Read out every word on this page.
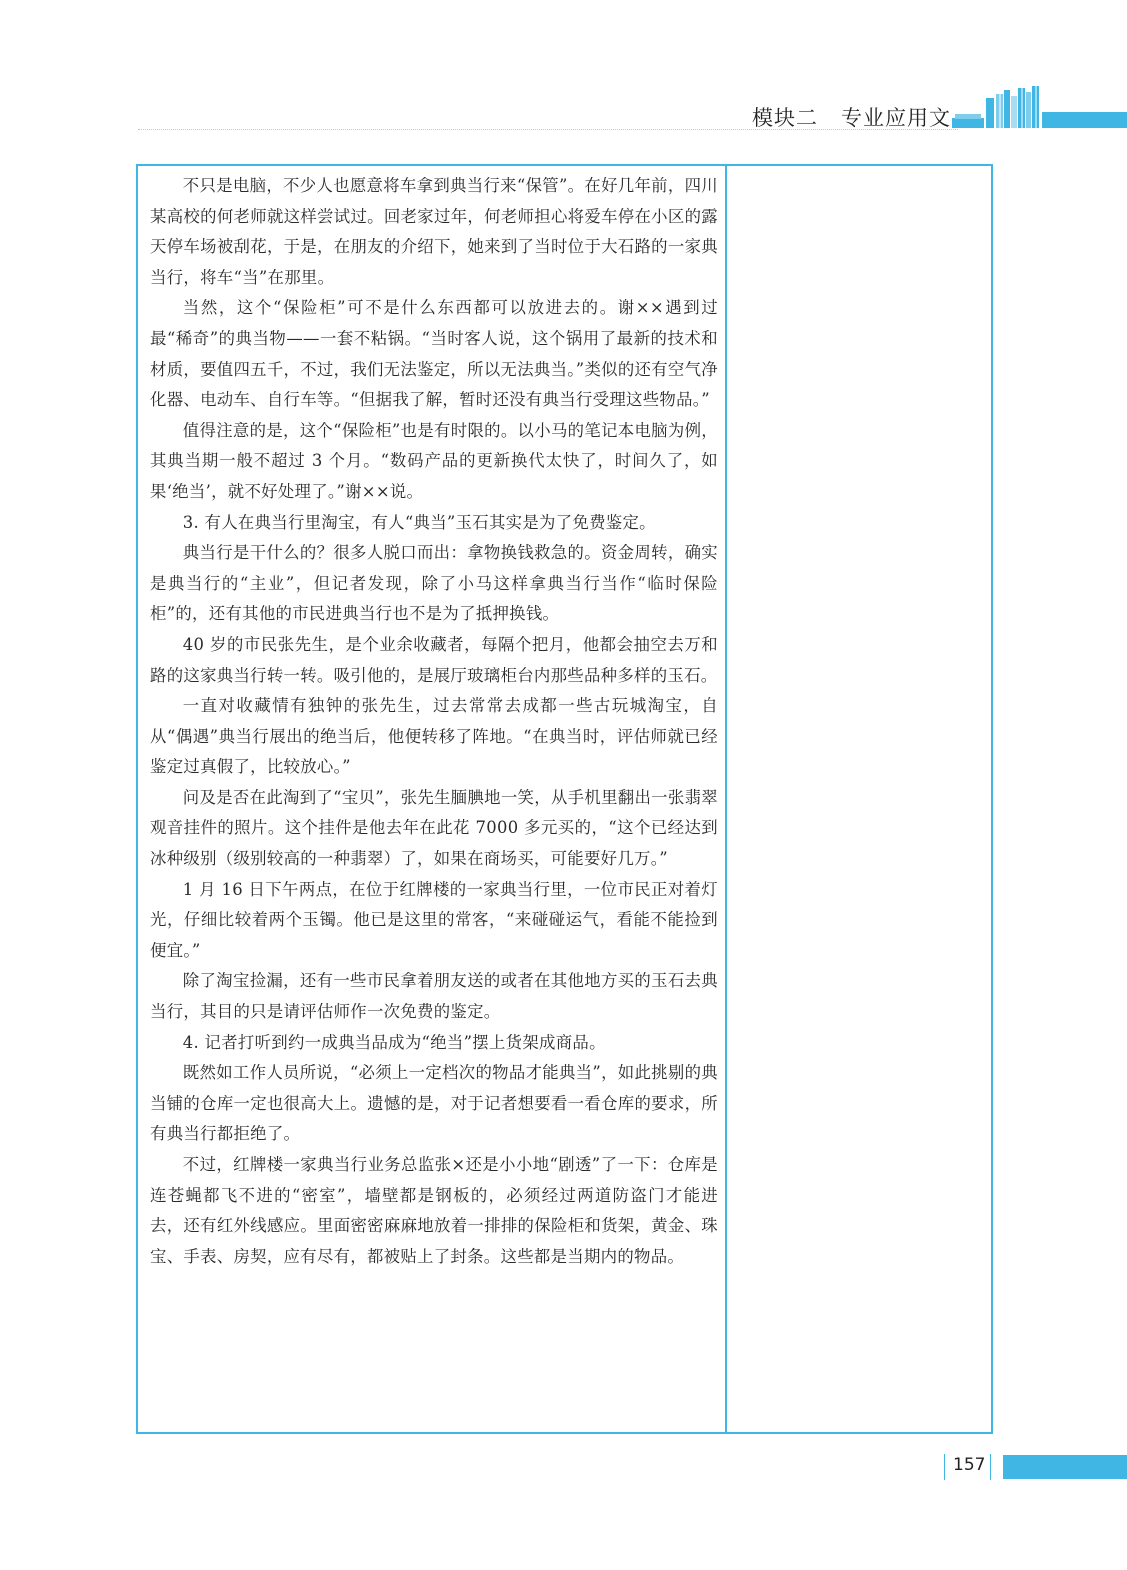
模块二 专业应用文

不只是电脑，不少人也愿意将车拿到典当行来“保管”。在好几年前，四川某高校的何老师就这样尝试过。回老家过年，何老师担心将爱车停在小区的露天停车场被刮花，于是，在朋友的介绍下，她来到了当时位于大石路的一家典当行，将车“当”在那里。

当然，这个“保险柜”可不是什么东西都可以放进去的。谢××遇到过最“稀奇”的典当物——一套不粘锅。“当时客人说，这个锅用了最新的技术和材质，要值四五千，不过，我们无法鉴定，所以无法典当。”类似的还有空气净化器、电动车、自行车等。“但据我了解，暂时还没有典当行受理这些物品。”

值得注意的是，这个“保险柜”也是有时限的。以小马的笔记本电脑为例，其典当期一般不超过 3 个月。“数码产品的更新换代太快了，时间久了，如果‘绝当’，就不好处理了。”谢××说。

3. 有人在典当行里淘宝，有人“典当”玉石其实是为了免费鉴定。

典当行是干什么的？很多人脱口而出：拿物换钱救急的。资金周转，确实是典当行的“主业”，但记者发现，除了小马这样拿典当行当作“临时保险柜”的，还有其他的市民进典当行也不是为了抵押换钱。

40 岁的市民张先生，是个业余收藏者，每隔个把月，他都会抽空去万和路的这家典当行转一转。吸引他的，是展厅玻璃柜台内那些品种多样的玉石。

一直对收藏情有独钟的张先生，过去常常去成都一些古玩城淘宝，自从“偶遇”典当行展出的绝当后，他便转移了阵地。“在典当时，评估师就已经鉴定过真假了，比较放心。”

问及是否在此淘到了“宝贝”，张先生腼腆地一笑，从手机里翻出一张翡翠观音挂件的照片。这个挂件是他去年在此花 7000 多元买的，“这个已经达到冰种级别（级别较高的一种翡翠）了，如果在商场买，可能要好几万。”

1 月 16 日下午两点，在位于红牌楼的一家典当行里，一位市民正对着灯光，仔细比较着两个玉镯。他已是这里的常客，“来碰碰运气，看能不能捡到便宜。”

除了淘宝捡漏，还有一些市民拿着朋友送的或者在其他地方买的玉石去典当行，其目的只是请评估师作一次免费的鉴定。

4. 记者打听到约一成典当品成为“绝当”摆上货架成商品。

既然如工作人员所说，“必须上一定档次的物品才能典当”，如此挑剔的典当铺的仓库一定也很高大上。遗憾的是，对于记者想要看一看仓库的要求，所有典当行都拒绝了。

不过，红牌楼一家典当行业务总监张×还是小小地“剧透”了一下：仓库是连苍蝇都飞不进的“密室”，墙壁都是钢板的，必须经过两道防盗门才能进去，还有红外线感应。里面密密麻麻地放着一排排的保险柜和货架，黄金、珠宝、手表、房契，应有尽有，都被贴上了封条。这些都是当期内的物品。

157
